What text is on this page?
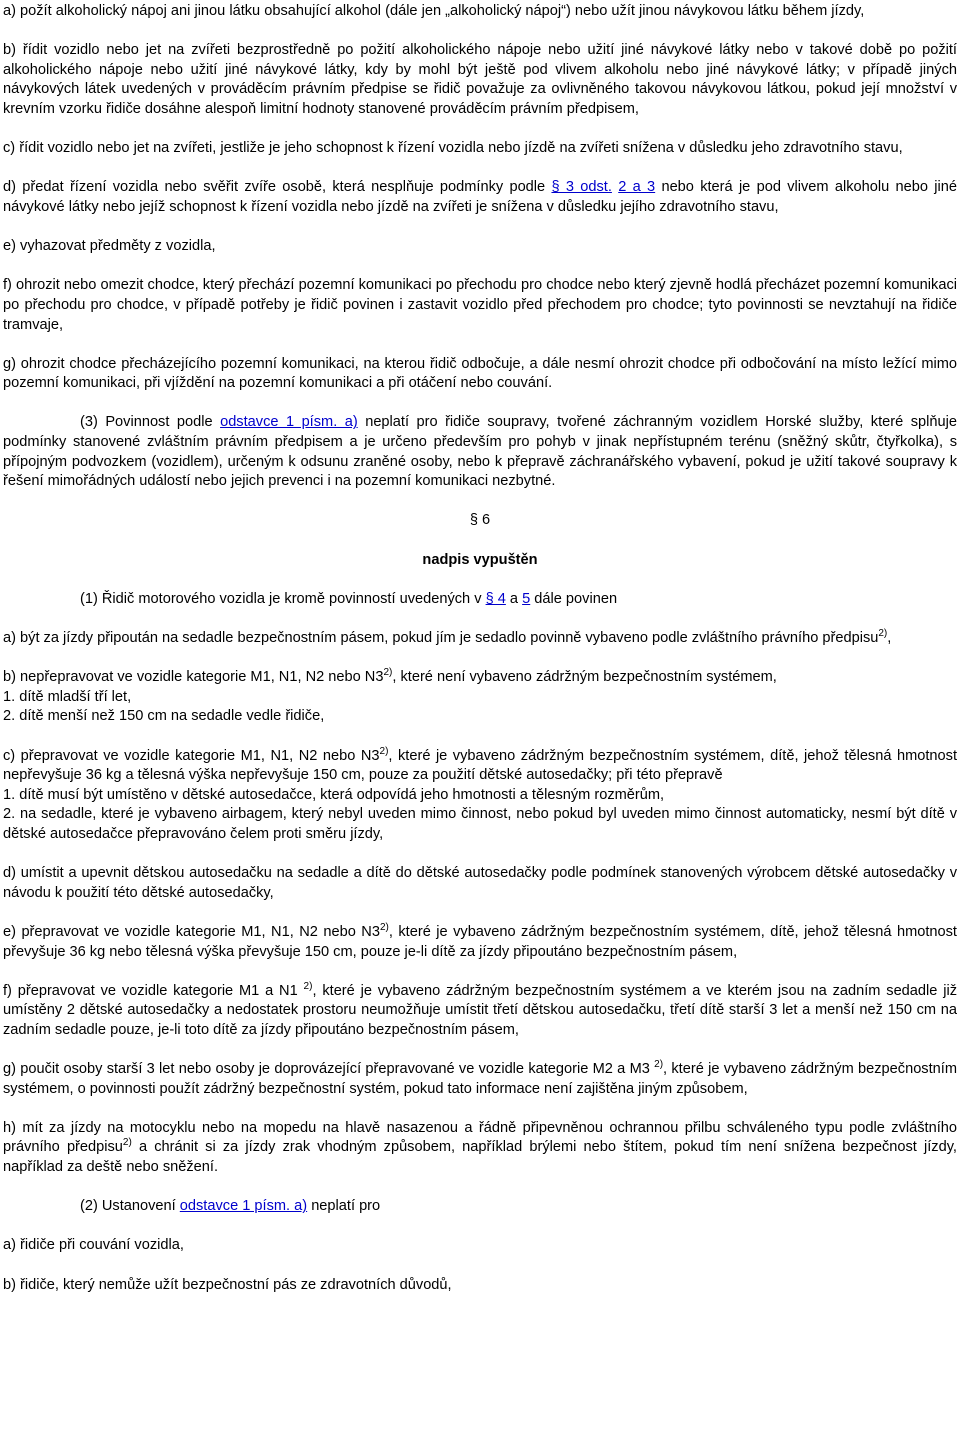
a) požít alkoholický nápoj ani jinou látku obsahující alkohol (dále jen „alkoholický nápoj“) nebo užít jinou návykovou látku během jízdy,

b) řídit vozidlo nebo jet na zvířeti bezprostředně po požití alkoholického nápoje nebo užití jiné návykové látky nebo v takové době po požití alkoholického nápoje nebo užití jiné návykové látky, kdy by mohl být ještě pod vlivem alkoholu nebo jiné návykové látky; v případě jiných návykových látek uvedených v prováděcím právním předpise se řidič považuje za ovlivněného takovou návykovou látkou, pokud její množství v krevním vzorku řidiče dosáhne alespoň limitní hodnoty stanovené prováděcím právním předpisem,

c) řídit vozidlo nebo jet na zvířeti, jestliže je jeho schopnost k řízení vozidla nebo jízdě na zvířeti snížena v důsledku jeho zdravotního stavu,

d) předat řízení vozidla nebo svěřit zvíře osobě, která nesplňuje podmínky podle § 3 odst. 2 a 3 nebo která je pod vlivem alkoholu nebo jiné návykové látky nebo jejíž schopnost k řízení vozidla nebo jízdě na zvířeti je snížena v důsledku jejího zdravotního stavu,

e) vyhazovat předměty z vozidla,

f) ohrozit nebo omezit chodce, který přechází pozemní komunikaci po přechodu pro chodce nebo který zjevně hodlá přecházet pozemní komunikaci po přechodu pro chodce, v případě potřeby je řidič povinen i zastavit vozidlo před přechodem pro chodce; tyto povinnosti se nevztahují na řidiče tramvaje,

g) ohrozit chodce přecházejícího pozemní komunikaci, na kterou řidič odbočuje, a dále nesmí ohrozit chodce při odbočování na místo ležící mimo pozemní komunikaci, při vjíždění na pozemní komunikaci a při otáčení nebo couvání.

(3) Povinnost podle odstavce 1 písm. a) neplatí pro řidiče soupravy, tvořené záchranným vozidlem Horské služby, které splňuje podmínky stanovené zvláštním právním předpisem a je určeno především pro pohyb v jinak nepřístupném terénu (sněžný skůtr, čtyřkolka), s přípojným podvozkem (vozidlem), určeným k odsunu zraněné osoby, nebo k přepravě záchranářského vybavení, pokud je užití takové soupravy k řešení mimořádných událostí nebo jejich prevenci i na pozemní komunikaci nezbytné.

§ 6

nadpis vypuštěn

(1) Řidič motorového vozidla je kromě povinností uvedených v § 4 a 5 dále povinen

a) být za jízdy připoután na sedadle bezpečnostním pásem, pokud jím je sedadlo povinně vybaveno podle zvláštního právního předpisu$^{2)}$,

b) nepřepravovat ve vozidle kategorie M1, N1, N2 nebo N3$^{2)}$, které není vybaveno zádržným bezpečnostním systémem,
1. dítě mladší tří let,
2. dítě menší než 150 cm na sedadle vedle řidiče,

c) přepravovat ve vozidle kategorie M1, N1, N2 nebo N3$^{2)}$, které je vybaveno zádržným bezpečnostním systémem, dítě, jehož tělesná hmotnost nepřevyšuje 36 kg a tělesná výška nepřevyšuje 150 cm, pouze za použití dětské autosedačky; při této přepravě
1. dítě musí být umístěno v dětské autosedačce, která odpovídá jeho hmotnosti a tělesným rozměrům,
2. na sedadle, které je vybaveno airbagem, který nebyl uveden mimo činnost, nebo pokud byl uveden mimo činnost automaticky, nesmí být dítě v dětské autosedačce přepravováno čelem proti směru jízdy,

d) umístit a upevnit dětskou autosedačku na sedadle a dítě do dětské autosedačky podle podmínek stanovených výrobcem dětské autosedačky v návodu k použití této dětské autosedačky,

e) přepravovat ve vozidle kategorie M1, N1, N2 nebo N3$^{2)}$, které je vybaveno zádržným bezpečnostním systémem, dítě, jehož tělesná hmotnost převyšuje 36 kg nebo tělesná výška převyšuje 150 cm, pouze je-li dítě za jízdy připoutáno bezpečnostním pásem,

f) přepravovat ve vozidle kategorie M1 a N1 $^{2)}$, které je vybaveno zádržným bezpečnostním systémem a ve kterém jsou na zadním sedadle již umístěny 2 dětské autosedačky a nedostatek prostoru neumožňuje umístit třetí dětskou autosedačku, třetí dítě starší 3 let a menší než 150 cm na zadním sedadle pouze, je-li toto dítě za jízdy připoutáno bezpečnostním pásem,

g) poučit osoby starší 3 let nebo osoby je doprovázející přepravované ve vozidle kategorie M2 a M3 $^{2)}$, které je vybaveno zádržným bezpečnostním systémem, o povinnosti použít zádržný bezpečnostní systém, pokud tato informace není zajištěna jiným způsobem,

h) mít za jízdy na motocyklu nebo na mopedu na hlavě nasazenou a řádně připevněnou ochrannou přilbu schváleného typu podle zvláštního právního předpisu$^{2)}$ a chránit si za jízdy zrak vhodným způsobem, například brýlemi nebo štítem, pokud tím není snížena bezpečnost jízdy, například za deště nebo sněžení.

(2) Ustanovení odstavce 1 písm. a) neplatí pro

a) řidiče při couvání vozidla,

b) řidiče, který nemůže užít bezpečnostní pás ze zdravotních důvodů,
